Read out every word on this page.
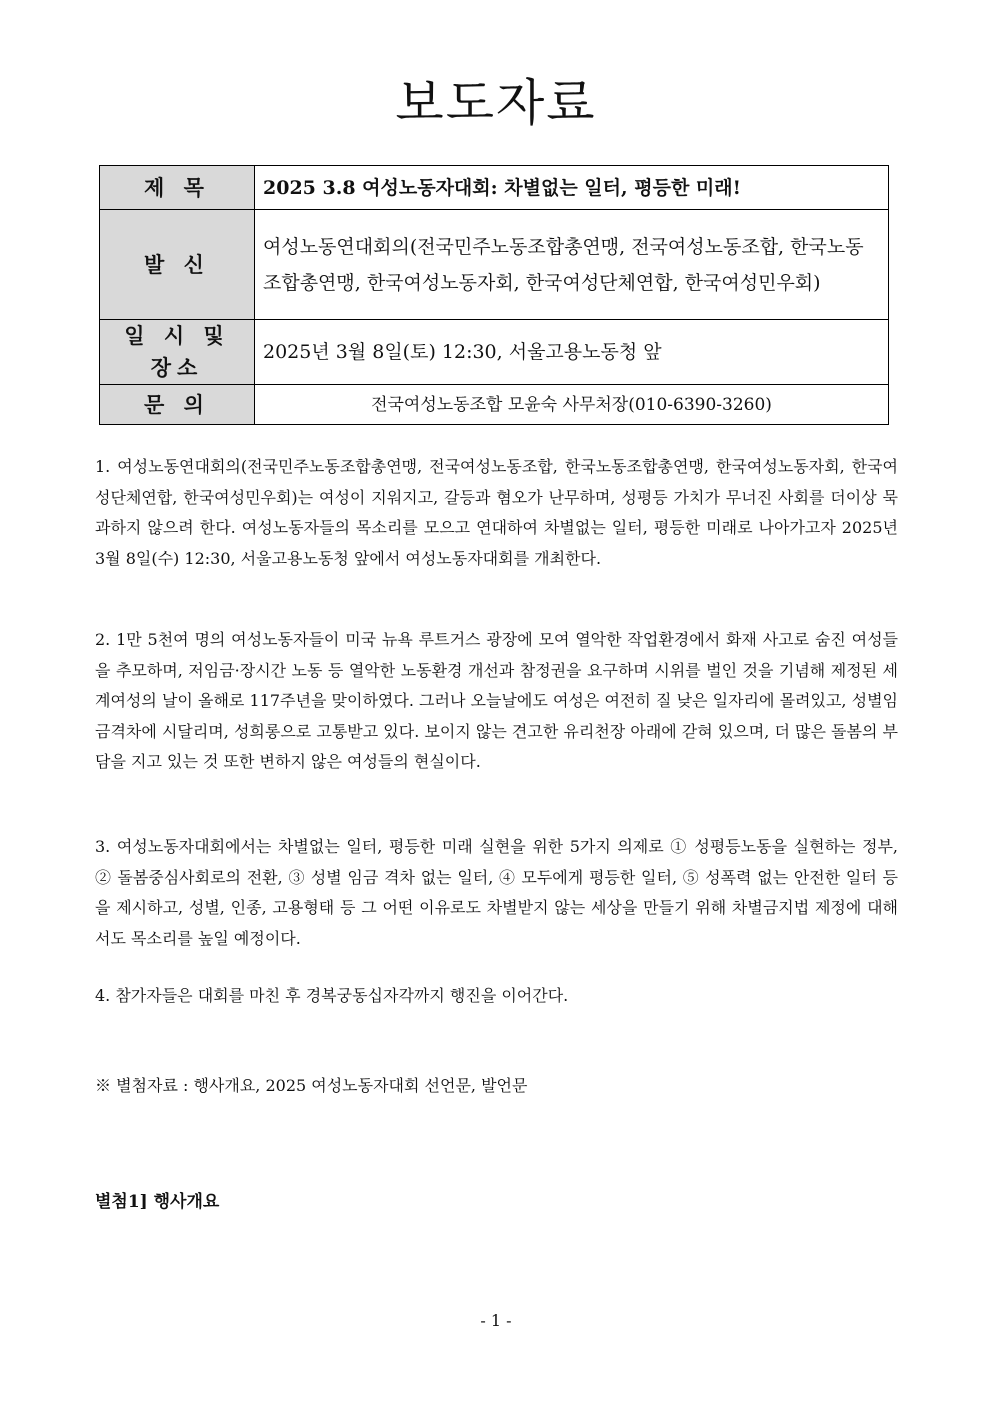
보도자료
제 목	2025 3.8 여성노동자대회: 차별없는 일터, 평등한 미래!
발 신	여성노동연대회의(전국민주노동조합총연맹, 전국여성노동조합, 한국노동조합총연맹, 한국여성노동자회, 한국여성단체연합, 한국여성민우회)

일 시 및
장소	2025년 3월 8일(토) 12:30, 서울고용노동청 앞
문 의	전국여성노동조합 모윤숙 사무처장(010-6390-3260)

1. 여성노동연대회의(전국민주노동조합총연맹, 전국여성노동조합, 한국노동조합총연맹, 한국여성노동자회, 한국여성단체연합, 한국여성민우회)는 여성이 지워지고, 갈등과 혐오가 난무하며, 성평등 가치가 무너진 사회를 더이상 묵과하지 않으려 한다. 여성노동자들의 목소리를 모으고 연대하여 차별없는 일터, 평등한 미래로 나아가고자 2025년 3월 8일(수) 12:30, 서울고용노동청 앞에서 여성노동자대회를 개최한다.

2. 1만 5천여 명의 여성노동자들이 미국 뉴욕 루트거스 광장에 모여 열악한 작업환경에서 화재 사고로 숨진 여성들을 추모하며, 저임금·장시간 노동 등 열악한 노동환경 개선과 참정권을 요구하며 시위를 벌인 것을 기념해 제정된 세계여성의 날이 올해로 117주년을 맞이하였다. 그러나 오늘날에도 여성은 여전히 질 낮은 일자리에 몰려있고, 성별임금격차에 시달리며, 성희롱으로 고통받고 있다. 보이지 않는 견고한 유리천장 아래에 갇혀 있으며, 더 많은 돌봄의 부담을 지고 있는 것 또한 변하지 않은 여성들의 현실이다.

3. 여성노동자대회에서는 차별없는 일터, 평등한 미래 실현을 위한 5가지 의제로 ① 성평등노동을 실현하는 정부, ② 돌봄중심사회로의 전환, ③ 성별 임금 격차 없는 일터, ④ 모두에게 평등한 일터, ⑤ 성폭력 없는 안전한 일터 등을 제시하고, 성별, 인종, 고용형태 등 그 어떤 이유로도 차별받지 않는 세상을 만들기 위해 차별금지법 제정에 대해서도 목소리를 높일 예정이다.

4. 참가자들은 대회를 마친 후 경복궁동십자각까지 행진을 이어간다.

※ 별첨자료 : 행사개요, 2025 여성노동자대회 선언문, 발언문
별첨1] 행사개요
- 1 -
